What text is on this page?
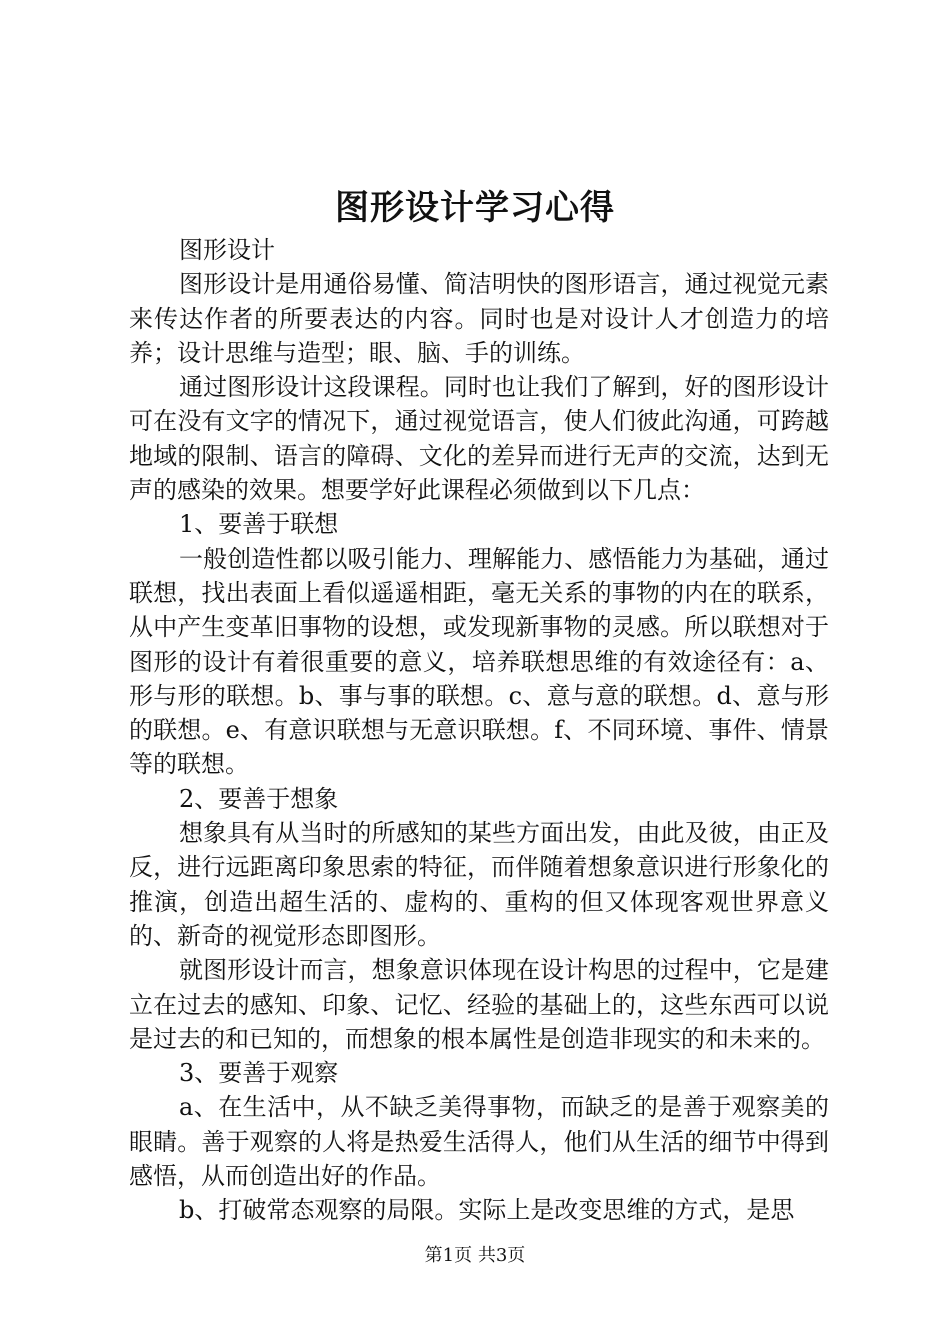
图形设计学习心得

图形设计

图形设计是用通俗易懂、简洁明快的图形语言，通过视觉元素来传达作者的所要表达的内容。同时也是对设计人才创造力的培养；设计思维与造型；眼、脑、手的训练。

通过图形设计这段课程。同时也让我们了解到，好的图形设计可在没有文字的情况下，通过视觉语言，使人们彼此沟通，可跨越地域的限制、语言的障碍、文化的差异而进行无声的交流，达到无声的感染的效果。想要学好此课程必须做到以下几点：

1、要善于联想

一般创造性都以吸引能力、理解能力、感悟能力为基础，通过联想，找出表面上看似遥遥相距，毫无关系的事物的内在的联系，从中产生变革旧事物的设想，或发现新事物的灵感。所以联想对于图形的设计有着很重要的意义，培养联想思维的有效途径有：a、形与形的联想。b、事与事的联想。c、意与意的联想。d、意与形的联想。e、有意识联想与无意识联想。f、不同环境、事件、情景等的联想。

2、要善于想象

想象具有从当时的所感知的某些方面出发，由此及彼，由正及反，进行远距离印象思索的特征，而伴随着想象意识进行形象化的推演，创造出超生活的、虚构的、重构的但又体现客观世界意义的、新奇的视觉形态即图形。

就图形设计而言，想象意识体现在设计构思的过程中，它是建立在过去的感知、印象、记忆、经验的基础上的，这些东西可以说是过去的和已知的，而想象的根本属性是创造非现实的和未来的。

3、要善于观察

a、在生活中，从不缺乏美得事物，而缺乏的是善于观察美的眼睛。善于观察的人将是热爱生活得人，他们从生活的细节中得到感悟，从而创造出好的作品。

b、打破常态观察的局限。实际上是改变思维的方式，是思

第1页 共3页
